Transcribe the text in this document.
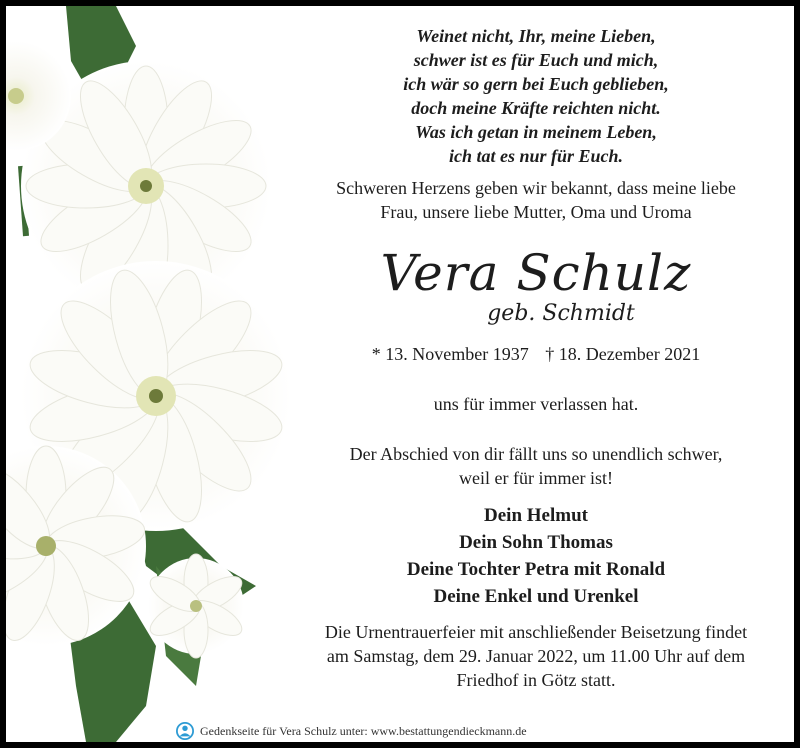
Weinet nicht, Ihr, meine Lieben,
schwer ist es für Euch und mich,
ich wär so gern bei Euch geblieben,
doch meine Kräfte reichten nicht.
Was ich getan in meinem Leben,
ich tat es nur für Euch.
Schweren Herzens geben wir bekannt, dass meine liebe
Frau, unsere liebe Mutter, Oma und Uroma
Vera Schulz
geb. Schmidt
* 13. November 1937 † 18. Dezember 2021
uns für immer verlassen hat.
Der Abschied von dir fällt uns so unendlich schwer,
weil er für immer ist!
Dein Helmut
Dein Sohn Thomas
Deine Tochter Petra mit Ronald
Deine Enkel und Urenkel
Die Urnentrauerfeier mit anschließender Beisetzung findet
am Samstag, dem 29. Januar 2022, um 11.00 Uhr auf dem
Friedhof in Götz statt.
Gedenkseite für Vera Schulz unter: www.bestattungendieckmann.de
